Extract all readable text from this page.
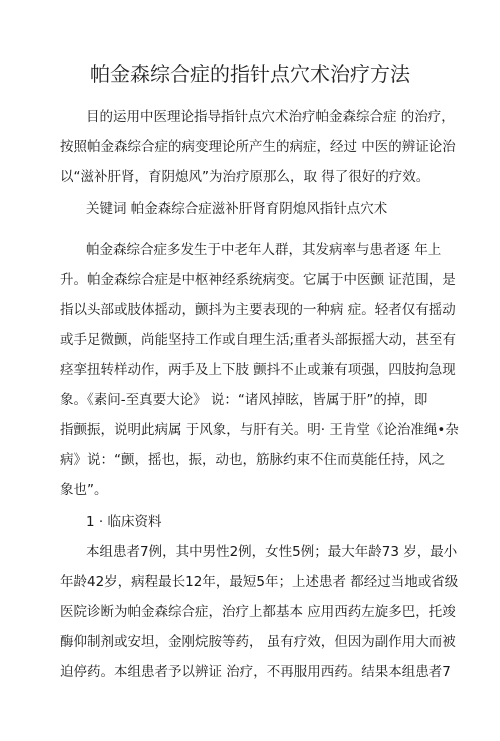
帕金森综合症的指针点穴术治疗方法
目的运用中医理论指导指针点穴术治疗帕金森综合症 的治疗，
按照帕金森综合症的病变理论所产生的病症，经过 中医的辨证论治
以“滋补肝肾，育阴熄风”为治疗原那么，取 得了很好的疗效。
关键词 帕金森综合症滋补肝肾育阴熄风指针点穴术
帕金森综合症多发生于中老年人群，其发病率与患者逐 年上
升。帕金森综合症是中枢神经系统病变。它属于中医颤 证范围，是
指以头部或肢体摇动，颤抖为主要表现的一种病 症。轻者仅有摇动
或手足微颤，尚能坚持工作或自理生活;重者头部振摇大动，甚至有
痉挛扭转样动作，两手及上下肢 颤抖不止或兼有项强，四肢拘急现
象。《素问-至真要大论》 说：“诸风掉眩，皆属于肝”的掉，即
指颤振，说明此病属 于风象，与肝有关。明· 王肯堂《论治准绳•杂
病》说：“颤，摇也，振，动也，筋脉约束不住而莫能任持，风之
象也”。
1 · 临床资料
本组患者7例，其中男性2例，女性5例；最大年龄73 岁，最小
年龄42岁，病程最长12年，最短5年；上述患者 都经过当地或省级
医院诊断为帕金森综合症，治疗上都基本 应用西药左旋多巴，托竣
酶仰制剂或安坦，金刚烷胺等药， 虽有疗效，但因为副作用大而被
迫停药。本组患者予以辨证 治疗，不再服用西药。结果本组患者7
